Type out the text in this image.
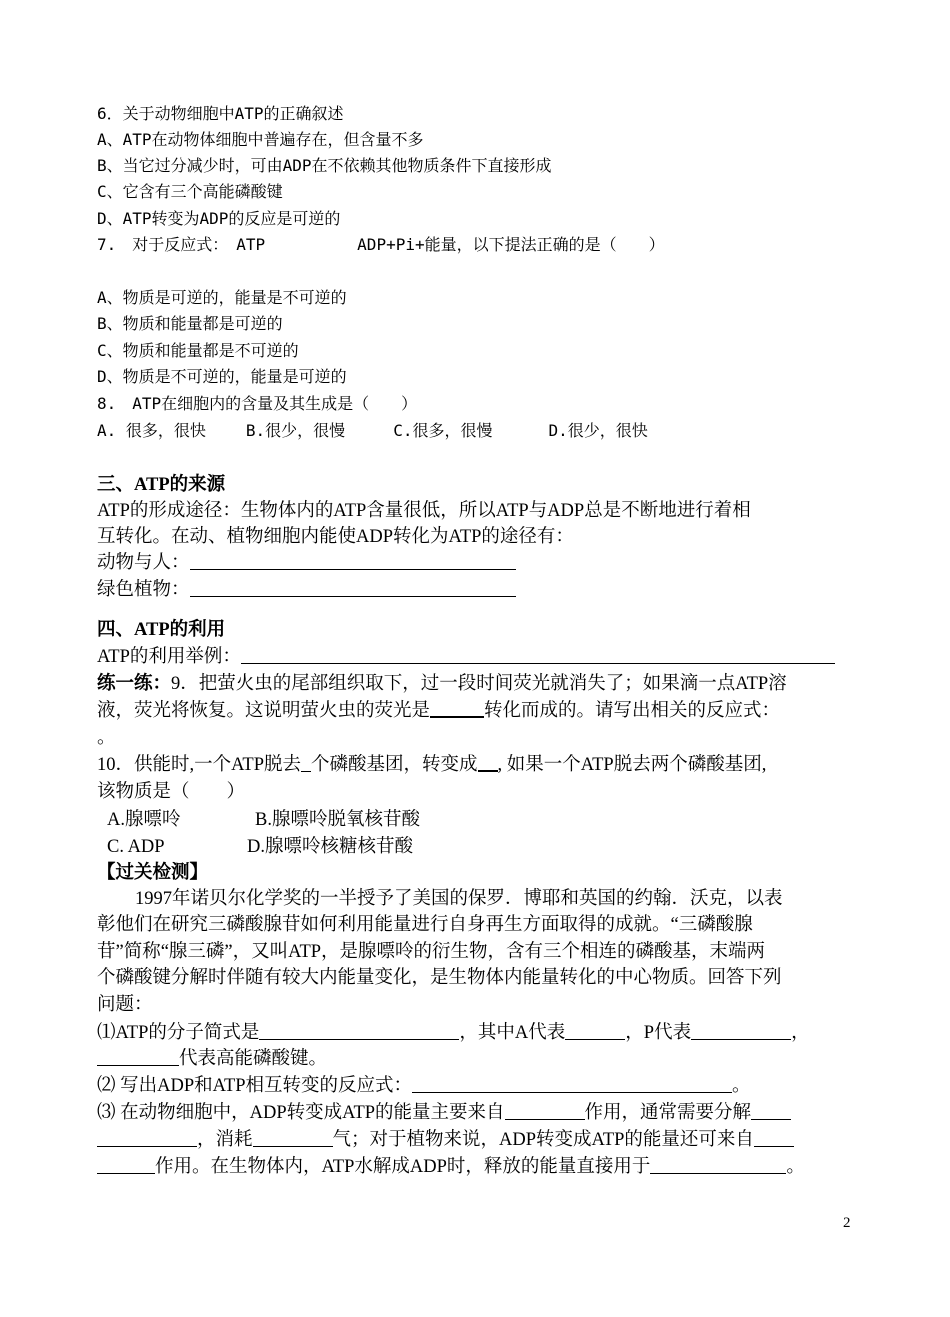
6．关于动物细胞中ATP的正确叙述
A、ATP在动物体细胞中普遍存在，但含量不多
B、当它过分减少时，可由ADP在不依赖其他物质条件下直接形成
C、它含有三个高能磷酸键
D、ATP转变为ADP的反应是可逆的
7.　对于反应式：　ATP	ADP+Pi+能量，以下提法正确的是（　　）
A、物质是可逆的，能量是不可逆的
B、物质和能量都是可逆的
C、物质和能量都是不可逆的
D、物质是不可逆的，能量是可逆的
8.　ATP在细胞内的含量及其生成是（　　）
A. 很多，很快	B.很少，很慢	C.很多，很慢	D.很少，很快
三、ATP的来源
ATP的形成途径：生物体内的ATP含量很低，所以ATP与ADP总是不断地进行着相
互转化。在动、植物细胞内能使ADP转化为ATP的途径有：
动物与人：
绿色植物：
四、ATP的利用
ATP的利用举例：
练一练：9．把萤火虫的尾部组织取下，过一段时间荧光就消失了；如果滴一点ATP溶
液，荧光将恢复。这说明萤火虫的荧光是	转化而成的。请写出相关的反应式：
。
10．供能时,一个ATP脱去 个磷酸基团，转变成 , 如果一个ATP脱去两个磷酸基团,
该物质是（　　）
A.腺嘌呤	B.腺嘌呤脱氧核苷酸
C. ADP	D.腺嘌呤核糖核苷酸
【过关检测】
1997年诺贝尔化学奖的一半授予了美国的保罗．博耶和英国的约翰．沃克，以表
彰他们在研究三磷酸腺苷如何利用能量进行自身再生方面取得的成就。“三磷酸腺
苷”简称“腺三磷”，又叫ATP，是腺嘌呤的衍生物，含有三个相连的磷酸基，末端两
个磷酸键分解时伴随有较大内能量变化，是生物体内能量转化的中心物质。回答下列
问题：
⑴ATP的分子简式是	，其中A代表	，P代表	，
代表高能磷酸键。
⑵ 写出ADP和ATP相互转变的反应式：	。
⑶ 在动物细胞中，ADP转变成ATP的能量主要来自	作用，通常需要分解
，消耗	气；对于植物来说，ADP转变成ATP的能量还可来自
作用。在生物体内，ATP水解成ADP时，释放的能量直接用于	。
2
